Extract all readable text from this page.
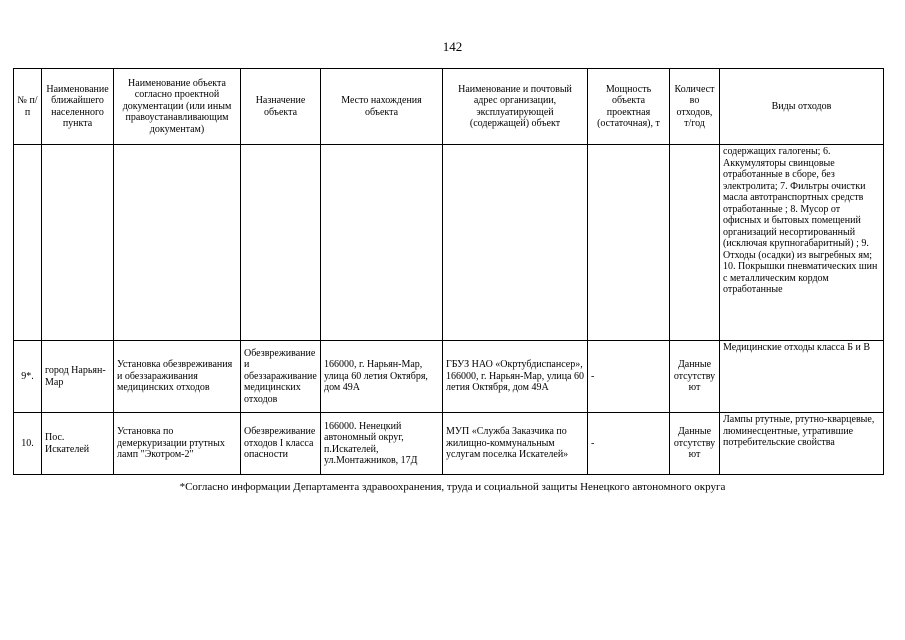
142
№ п/п	Наименование ближайшего населенного пункта	Наименование объекта согласно проектной документации (или иным правоустанавливающим документам)	Назначение объекта	Место нахождения объекта	Наименование и почтовый адрес организации, эксплуатирующей (содержащей) объект	Мощность объекта проектная (остаточная), т	Количество отходов, т/год	Виды отходов
								содержащих галогены; 6. Аккумуляторы свинцовые отработанные в сборе, без электролита; 7. Фильтры очистки масла автотранспортных средств отработанные ; 8. Мусор от офисных и бытовых помещений организаций несортированный (исключая крупногабаритный) ; 9. Отходы (осадки) из выгребных ям; 10. Покрышки пневматических шин с металлическим кордом отработанные
9*.	город Нарьян-Мар	Установка обезвреживания и обеззараживания медицинских отходов	Обезвреживание и обеззараживание медицинских отходов	166000, г. Нарьян-Мар, улица 60 летия Октября, дом 49А	ГБУЗ НАО «Окртубдиспансер», 166000, г. Нарьян-Мар, улица 60 летия Октября, дом 49А	-	Данные отсутствуют	Медицинские отходы класса Б и В
10.	Пос. Искателей	Установка по демеркуризации ртутных ламп "Экотром-2"	Обезвреживание отходов I класса опасности	166000. Ненецкий автономный округ, п.Искателей, ул.Монтажников, 17Д	МУП «Служба Заказчика по жилищно-коммунальным услугам поселка Искателей»	-	Данные отсутствуют	Лампы ртутные, ртутно-кварцевые, люминесцентные, утратившие потребительские свойства
*Согласно информации Департамента здравоохранения, труда и социальной защиты Ненецкого автономного округа
